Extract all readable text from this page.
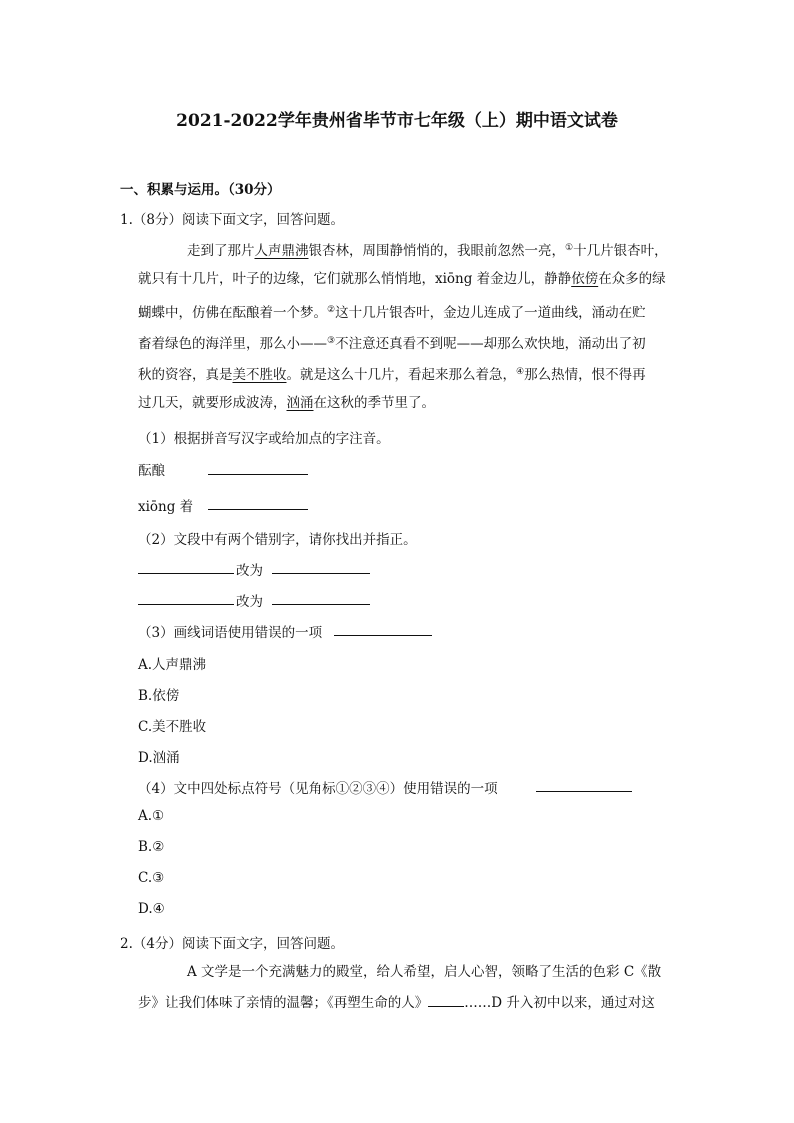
2021-2022学年贵州省毕节市七年级（上）期中语文试卷
一、积累与运用。（30分）
1.（8分）阅读下面文字，回答问题。
走到了那片人声鼎沸银杏林，周围静悄悄的，我眼前忽然一亮，①十几片银杏叶，
就只有十几片，叶子的边缘，它们就那么悄悄地，xiōng 着金边儿，静静依傍在众多的绿
蝴蝶中，仿佛在酝酿着一个梦。②这十几片银杏叶，金边儿连成了一道曲线，涌动在贮
畜着绿色的海洋里，那么小——③不注意还真看不到呢——却那么欢快地，涌动出了初
秋的资容，真是美不胜收。就是这么十几片，看起来那么着急，④那么热情，恨不得再
过几天，就要形成波涛，汹涌在这秋的季节里了。
（1）根据拼音写汉字或给加点的字注音。
酝酿
xiōng 着
（2）文段中有两个错别字，请你找出并指正。
改为
改为
（3）画线词语使用错误的一项
A.人声鼎沸
B.依傍
C.美不胜收
D.汹涌
（4）文中四处标点符号（见角标①②③④）使用错误的一项
A.①
B.②
C.③
D.④
2.（4分）阅读下面文字，回答问题。
A 文学是一个充满魅力的殿堂，给人希望，启人心智，领略了生活的色彩 C《散
步》让我们体味了亲情的温馨；《再塑生命的人》	……D 升入初中以来，通过对这
